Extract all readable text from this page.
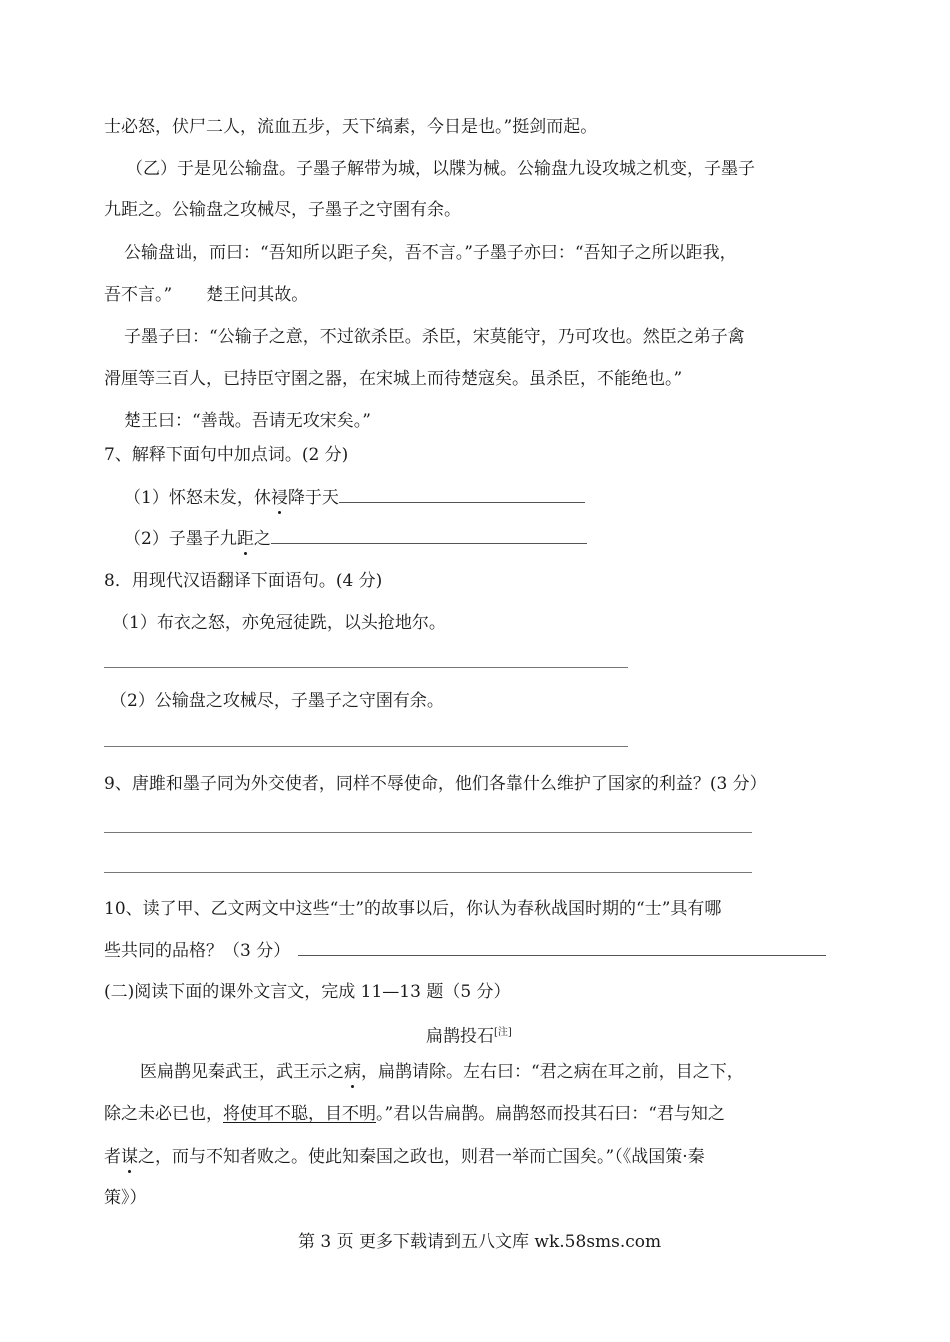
士必怒，伏尸二人，流血五步，天下缟素，今日是也。”挺剑而起。
（乙）于是见公输盘。子墨子解带为城，以牒为械。公输盘九设攻城之机变，子墨子
九距之。公输盘之攻械尽，子墨子之守圉有余。
公输盘诎，而曰：“吾知所以距子矣，吾不言。”子墨子亦曰：“吾知子之所以距我，
吾不言。”　　楚王问其故。
子墨子曰：“公输子之意，不过欲杀臣。杀臣，宋莫能守，乃可攻也。然臣之弟子禽
滑厘等三百人，已持臣守圉之器，在宋城上而待楚寇矣。虽杀臣，不能绝也。”
楚王曰：“善哉。吾请无攻宋矣。”
7、解释下面句中加点词。(2 分)
（1）怀怒未发，休祲降于天
（2）子墨子九距之
8．用现代汉语翻译下面语句。(4 分)
（1）布衣之怒，亦免冠徒跣，以头抢地尔。
（2）公输盘之攻械尽，子墨子之守圉有余。
9、唐雎和墨子同为外交使者，同样不辱使命，他们各靠什么维护了国家的利益？(3 分）
10、读了甲、乙文两文中这些“士”的故事以后，你认为春秋战国时期的“士”具有哪
些共同的品格？（3 分）
(二)阅读下面的课外文言文，完成 11—13 题（5 分）
扁鹊投石[注]
医扁鹊见秦武王，武王示之病，扁鹊请除。左右曰：“君之病在耳之前，目之下，
除之未必已也，将使耳不聪，目不明。”君以告扁鹊。扁鹊怒而投其石曰：“君与知之
者谋之，而与不知者败之。使此知秦国之政也，则君一举而亡国矣。”（《战国策·秦
策》）
第 3 页 更多下载请到五八文库 wk.58sms.com
